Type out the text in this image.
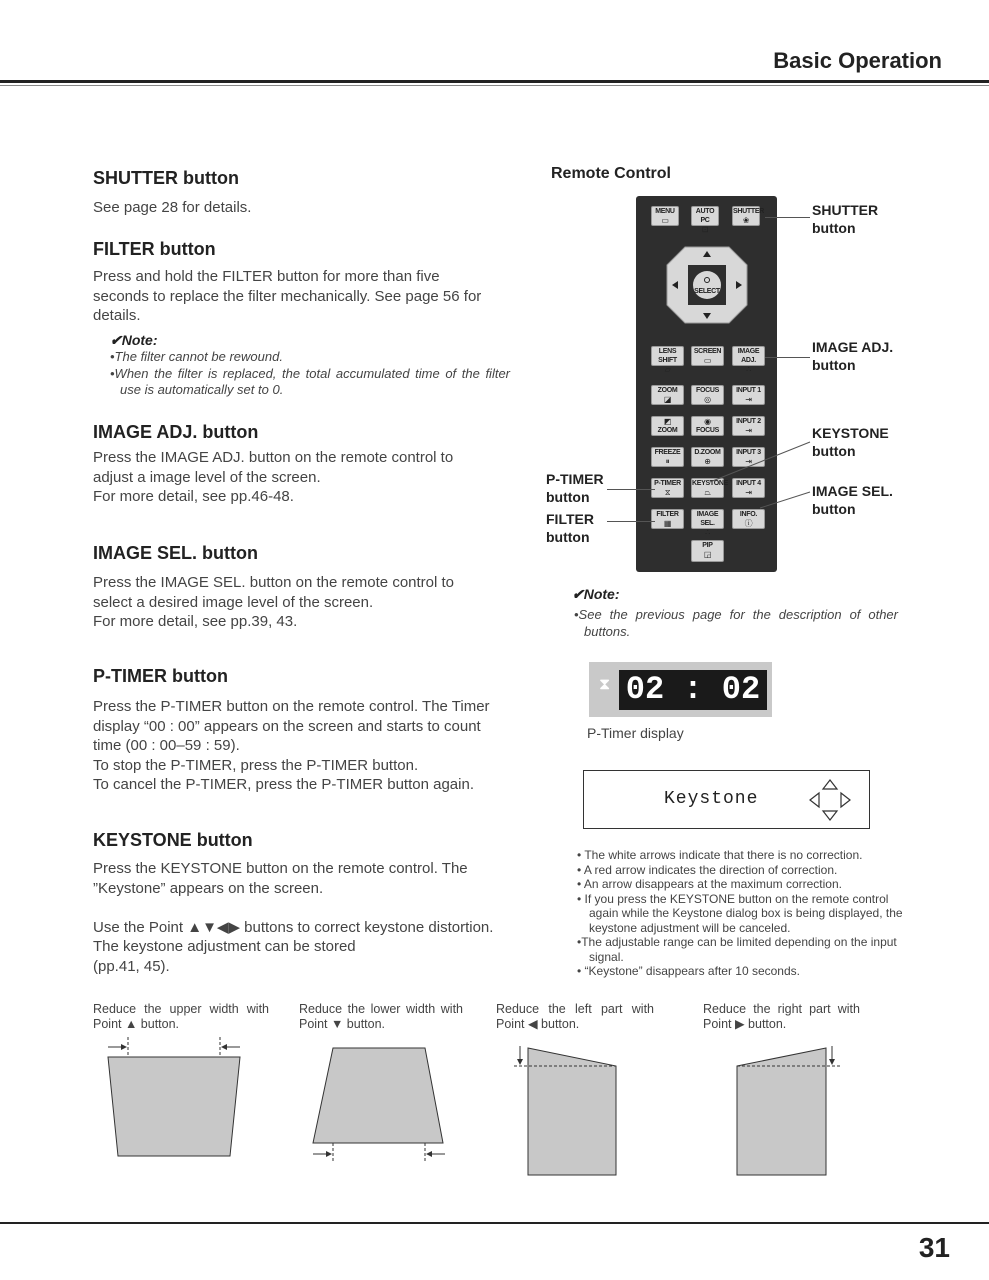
Basic Operation
SHUTTER button

See page 28 for details.

FILTER button

Press and hold the FILTER button for more than five seconds to replace the filter mechanically. See page 56 for details.

✔Note:
•The filter cannot be rewound.
•When the filter is replaced, the total accumulated time of the filter use is automatically set to 0.
IMAGE ADJ. button

Press the IMAGE ADJ. button on the remote control to adjust a image level of the screen.

For more detail, see pp.46-48.

IMAGE SEL. button

Press the IMAGE SEL. button on the remote control to select a desired image level of the screen.

For more detail, see pp.39, 43.

P-TIMER button

Press the P-TIMER button on the remote control. The Timer display “00 : 00” appears on the screen and starts to count time (00 : 00–59 : 59).

To stop the P-TIMER, press the P-TIMER button.

To cancel the P-TIMER, press the P-TIMER button again.

KEYSTONE button

Press the KEYSTONE button on the remote control. The ”Keystone” appears on the screen.

Use the Point ▲▼◀▶ buttons to correct keystone distortion. The keystone adjustment can be stored

(pp.41, 45).

Remote Control
MENU
▭
AUTO PC
⊡
SHUTTER
❀
SELECT
LENS SHIFT
▱
SCREEN
▭
IMAGE ADJ.
∴
ZOOM
◪
FOCUS
◎
INPUT 1
⇥
◩
ZOOM
◉
FOCUS
INPUT 2
⇥
FREEZE
⏸
D.ZOOM
⊕
INPUT 3
⇥
P-TIMER
⧖
KEYSTONE
⏢
INPUT 4
⇥
FILTER
▦
IMAGE SEL.
∴
INFO.
ⓘ
PIP
◲
SHUTTER
button
IMAGE ADJ.
button
KEYSTONE
button
IMAGE SEL.
button
P-TIMER
button
FILTER
button
✔Note:
•See the previous page for the description of other buttons.
⧗ 02 : 02
P-Timer display
Keystone
• The white arrows indicate that there is no correction.
• A red arrow indicates the direction of correction.
• An arrow disappears at the maximum correction.
• If you press the KEYSTONE button on the remote control again while the Keystone dialog box is being displayed, the keystone adjustment will be canceled.
•The adjustable range can be limited depending on the input signal.
• “Keystone” disappears after 10 seconds.
Reduce the upper width with Point ▲ button.
Reduce the lower width with Point ▼ button.
Reduce the left part with Point ◀ button.
Reduce the right part with Point ▶ button.
31
